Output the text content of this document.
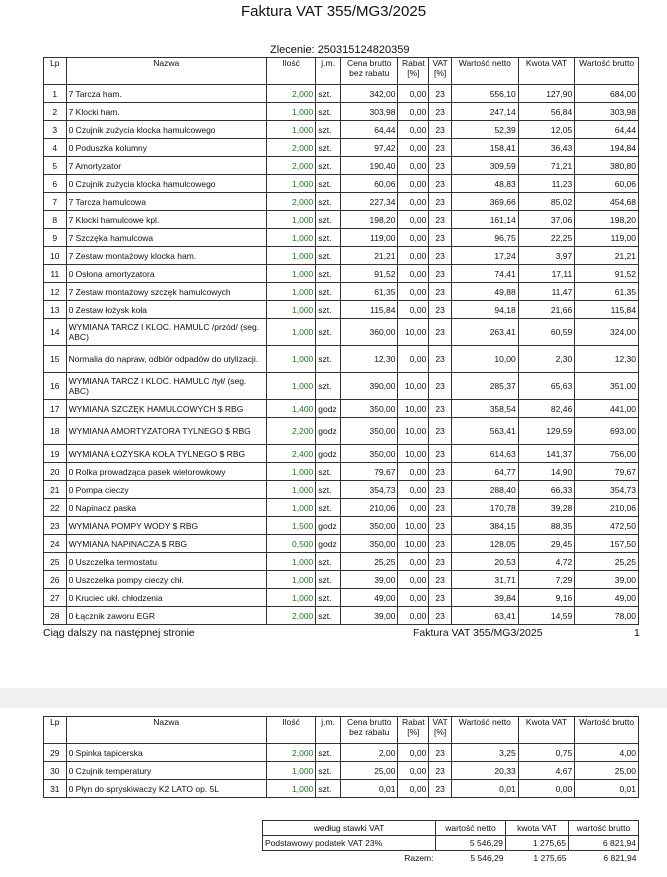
Faktura VAT 355/MG3/2025
Zlecenie: 250315124820359
Lp	Nazwa	Ilość	j.m.	Cena brutto bez rabatu	Rabat [%]	VAT [%]	Wartość netto	Kwota VAT	Wartość brutto
1	7 Tarcza ham.	2,000	szt.	342,00	0,00	23	556,10	127,90	684,00
2	7 Klocki ham.	1,000	szt.	303,98	0,00	23	247,14	56,84	303,98
3	0 Czujnik zużycia klocka hamulcowego	1,000	szt.	64,44	0,00	23	52,39	12,05	64,44
4	0 Poduszka kolumny	2,000	szt.	97,42	0,00	23	158,41	36,43	194,84
5	7 Amortyzator	2,000	szt.	190,40	0,00	23	309,59	71,21	380,80
6	0 Czujnik zużycia klocka hamulcowego	1,000	szt.	60,06	0,00	23	48,83	11,23	60,06
7	7 Tarcza hamulcowa	2,000	szt.	227,34	0,00	23	369,66	85,02	454,68
8	7 Klocki hamulcowe kpl.	1,000	szt.	198,20	0,00	23	161,14	37,06	198,20
9	7 Szczęka hamulcowa	1,000	szt.	119,00	0,00	23	96,75	22,25	119,00
10	7 Zestaw montażowy klocka ham.	1,000	szt.	21,21	0,00	23	17,24	3,97	21,21
11	0 Osłona amortyzatora	1,000	szt.	91,52	0,00	23	74,41	17,11	91,52
12	7 Zestaw montażowy szczęk hamulcowych	1,000	szt.	61,35	0,00	23	49,88	11,47	61,35
13	0 Zestaw łożysk koła	1,000	szt.	115,84	0,00	23	94,18	21,66	115,84
14	WYMIANA TARCZ I KLOC. HAMULC /przód/ (seg. ABC)	1,000	szt.	360,00	10,00	23	263,41	60,59	324,00
15	Normalia do napraw, odbiór odpadów do utylizacji.	1,000	szt.	12,30	0,00	23	10,00	2,30	12,30
16	WYMIANA TARCZ I KLOC. HAMULC /tył/ (seg. ABC)	1,000	szt.	390,00	10,00	23	285,37	65,63	351,00
17	WYMIANA SZCZĘK HAMULCOWYCH $ RBG	1,400	godz	350,00	10,00	23	358,54	82,46	441,00
18	WYMIANA AMORTYZATORA TYLNEGO $ RBG	2,200	godz	350,00	10,00	23	563,41	129,59	693,00
19	WYMIANA ŁOŻYSKA KOŁA TYLNEGO $ RBG	2,400	godz	350,00	10,00	23	614,63	141,37	756,00
20	0 Rolka prowadząca pasek wielorowkowy	1,000	szt.	79,67	0,00	23	64,77	14,90	79,67
21	0 Pompa cieczy	1,000	szt.	354,73	0,00	23	288,40	66,33	354,73
22	0 Napinacz paska	1,000	szt.	210,06	0,00	23	170,78	39,28	210,06
23	WYMIANA POMPY WODY $ RBG	1,500	godz	350,00	10,00	23	384,15	88,35	472,50
24	WYMIANA NAPINACZA $ RBG	0,500	godz	350,00	10,00	23	128,05	29,45	157,50
25	0 Uszczelka termostatu	1,000	szt.	25,25	0,00	23	20,53	4,72	25,25
26	0 Uszczelka pompy cieczy chł.	1,000	szt.	39,00	0,00	23	31,71	7,29	39,00
27	0 Kruciec ukł. chłodzenia	1,000	szt.	49,00	0,00	23	39,84	9,16	49,00
28	0 Łącznik zaworu EGR	2,000	szt.	39,00	0,00	23	63,41	14,59	78,00
Ciąg dalszy na następnej stronie	Faktura VAT 355/MG3/2025	1
Lp	Nazwa	Ilość	j.m.	Cena brutto bez rabatu	Rabat [%]	VAT [%]	Wartość netto	Kwota VAT	Wartość brutto
29	0 Spinka tapicerska	2,000	szt.	2,00	0,00	23	3,25	0,75	4,00
30	0 Czujnik temperatury	1,000	szt.	25,00	0,00	23	20,33	4,67	25,00
31	0 Płyn do spryskiwaczy K2 LATO op. 5L	1,000	szt.	0,01	0,00	23	0,01	0,00	0,01
według stawki VAT	wartość netto	kwota VAT	wartość brutto
Podstawowy podatek VAT 23%	5 546,29	1 275,65	6 821,94
Razem:	5 546,29	1 275,65	6 821,94
